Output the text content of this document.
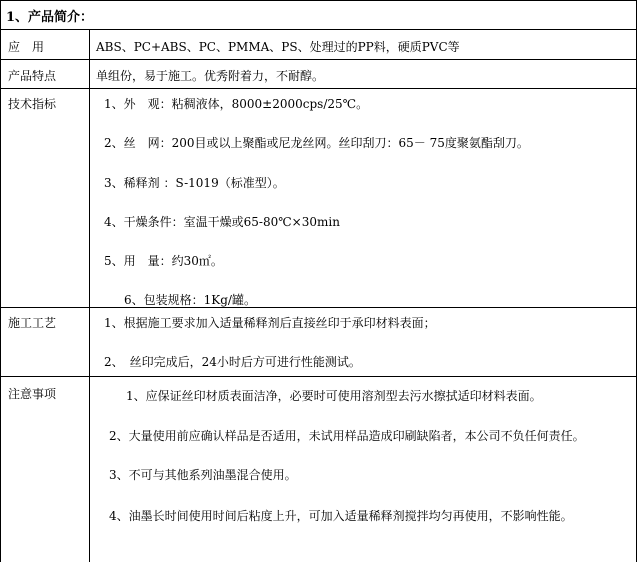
1、产品简介：
应　用	ABS、PC+ABS、PC、PMMA、PS、处理过的PP料，硬质PVC等
产品特点	单组份，易于施工。优秀附着力，不耐醇。
技术指标	1、外　观：粘稠液体，8000±2000cps/25℃。
2、丝　网：200目或以上聚酯或尼龙丝网。丝印刮刀：65－ 75度聚氨酯刮刀。
3、稀释剂 ：S-1019（标准型）。
4、干燥条件：室温干燥或65-80℃×30min
5、用　量：约30㎡。
6、包装规格：1Kg/罐。
施工工艺	1、根据施工要求加入适量稀释剂后直接丝印于承印材料表面；
2、　丝印完成后，24小时后方可进行性能测试。
注意事项	1、应保证丝印材质表面洁净，必要时可使用溶剂型去污水擦拭适印材料表面。
2、大量使用前应确认样品是否适用，未试用样品造成印刷缺陷者，本公司不负任何责任。
3、不可与其他系列油墨混合使用。
4、油墨长时间使用时间后粘度上升，可加入适量稀释剂搅拌均匀再使用，不影响性能。
